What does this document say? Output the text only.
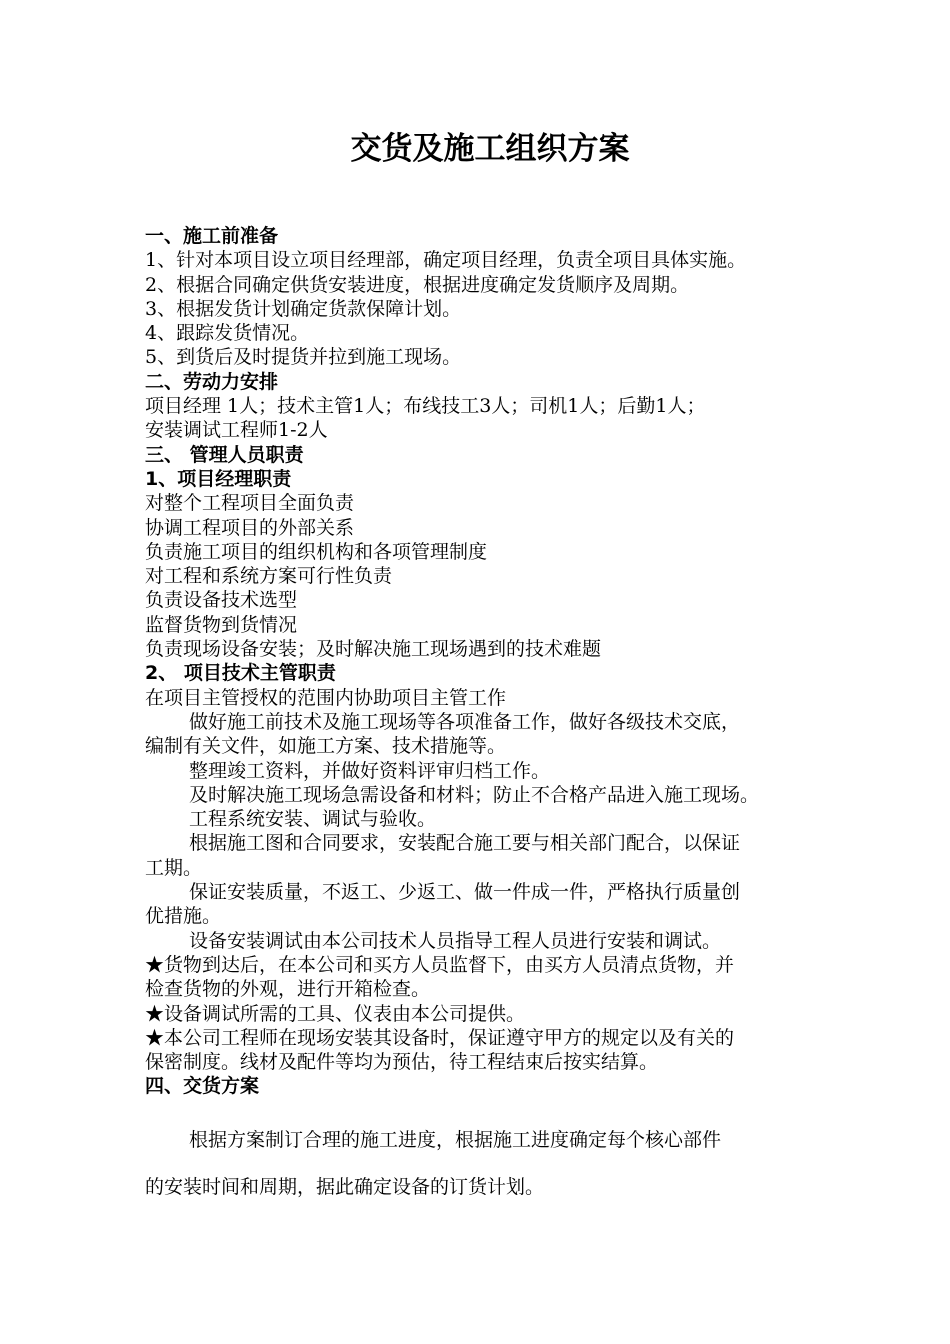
交货及施工组织方案

一、施工前准备

1、针对本项目设立项目经理部，确定项目经理，负责全项目具体实施。

2、根据合同确定供货安装进度，根据进度确定发货顺序及周期。

3、根据发货计划确定货款保障计划。

4、跟踪发货情况。

5、到货后及时提货并拉到施工现场。

二、劳动力安排

项目经理 1人；技术主管1人；布线技工3人；司机1人；后勤1人；

安装调试工程师1-2人

三、 管理人员职责

1、项目经理职责

对整个工程项目全面负责

协调工程项目的外部关系

负责施工项目的组织机构和各项管理制度

对工程和系统方案可行性负责

负责设备技术选型

监督货物到货情况

负责现场设备安装；及时解决施工现场遇到的技术难题

2、 项目技术主管职责

在项目主管授权的范围内协助项目主管工作

做好施工前技术及施工现场等各项准备工作，做好各级技术交底，

编制有关文件，如施工方案、技术措施等。

整理竣工资料，并做好资料评审归档工作。

及时解决施工现场急需设备和材料；防止不合格产品进入施工现场。

工程系统安装、调试与验收。

根据施工图和合同要求，安装配合施工要与相关部门配合，以保证

工期。

保证安装质量，不返工、少返工、做一件成一件，严格执行质量创

优措施。

设备安装调试由本公司技术人员指导工程人员进行安装和调试。

★货物到达后，在本公司和买方人员监督下，由买方人员清点货物，并

检查货物的外观，进行开箱检查。

★设备调试所需的工具、仪表由本公司提供。

★本公司工程师在现场安装其设备时，保证遵守甲方的规定以及有关的

保密制度。线材及配件等均为预估，待工程结束后按实结算。

四、交货方案

根据方案制订合理的施工进度，根据施工进度确定每个核心部件

的安装时间和周期，据此确定设备的订货计划。
